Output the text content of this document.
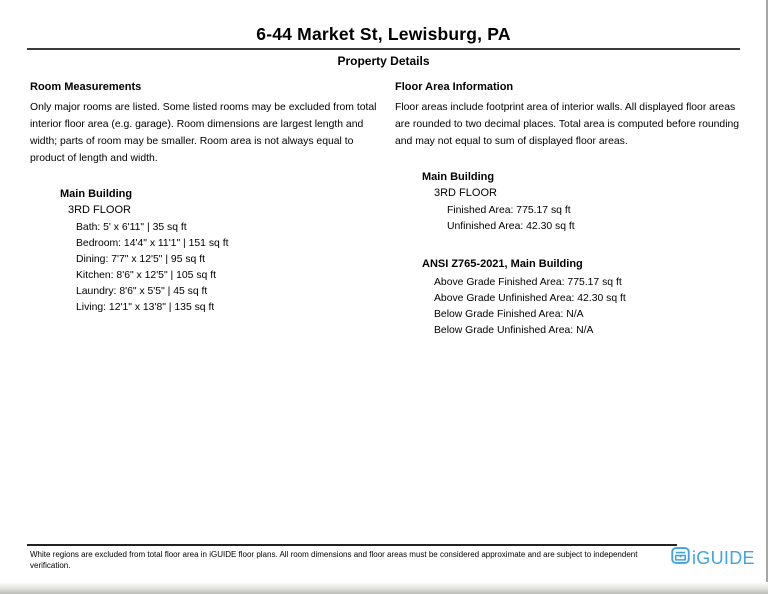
6-44 Market St, Lewisburg, PA
Property Details
Room Measurements

Only major rooms are listed. Some listed rooms may be excluded from total interior floor area (e.g. garage). Room dimensions are largest length and width; parts of room may be smaller. Room area is not always equal to product of length and width.

Main Building
3RD FLOOR
Bath: 5' x 6'11" | 35 sq ft
Bedroom: 14'4" x 11'1" | 151 sq ft
Dining: 7'7" x 12'5" | 95 sq ft
Kitchen: 8'6" x 12'5" | 105 sq ft
Laundry: 8'6" x 5'5" | 45 sq ft
Living: 12'1" x 13'8" | 135 sq ft
Floor Area Information

Floor areas include footprint area of interior walls. All displayed floor areas are rounded to two decimal places. Total area is computed before rounding and may not equal to sum of displayed floor areas.

Main Building
3RD FLOOR
Finished Area: 775.17 sq ft
Unfinished Area: 42.30 sq ft
ANSI Z765-2021, Main Building
Above Grade Finished Area: 775.17 sq ft
Above Grade Unfinished Area: 42.30 sq ft
Below Grade Finished Area: N/A
Below Grade Unfinished Area: N/A

White regions are excluded from total floor area in iGUIDE floor plans. All room dimensions and floor areas must be considered approximate and are subject to independent verification.	iGUIDE
